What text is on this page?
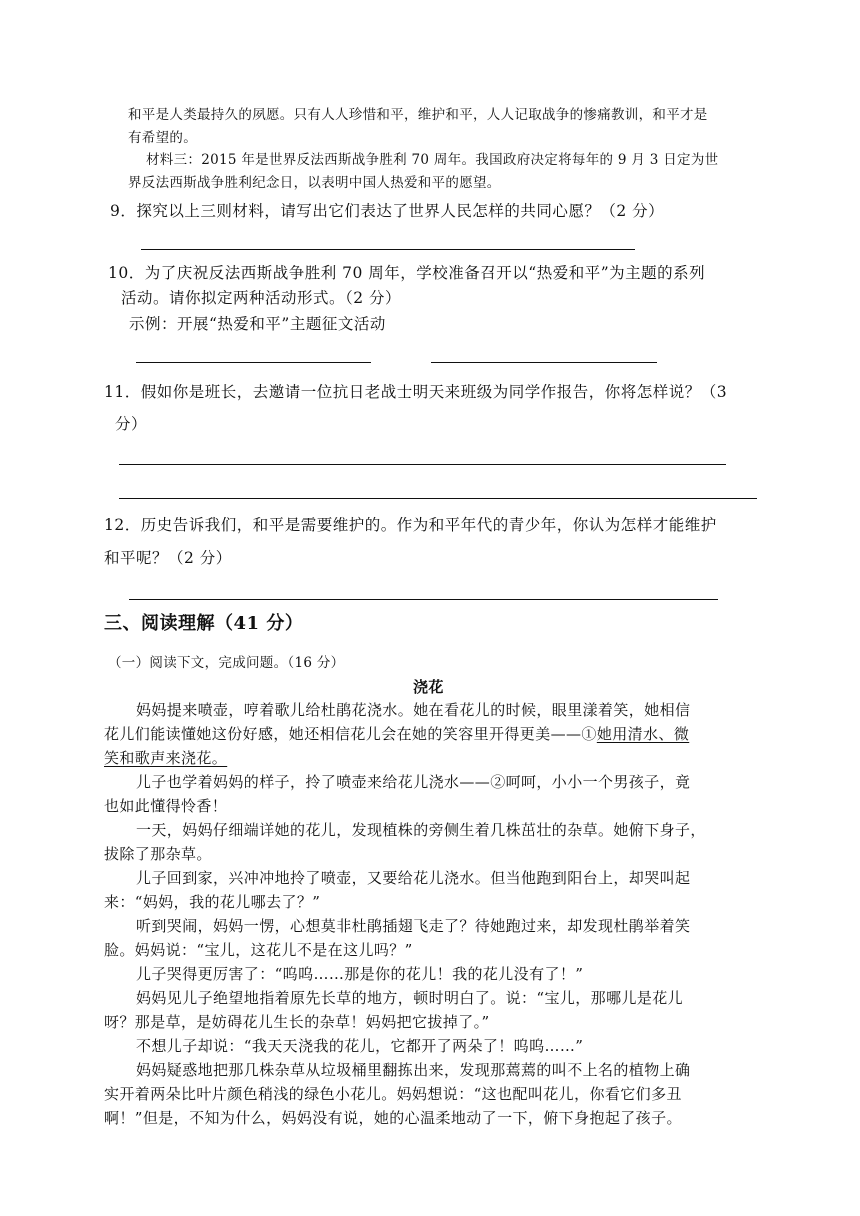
和平是人类最持久的夙愿。只有人人珍惜和平，维护和平，人人记取战争的惨痛教训，和平才是
有希望的。
材料三：2015 年是世界反法西斯战争胜利 70 周年。我国政府决定将每年的 9 月 3 日定为世
界反法西斯战争胜利纪念日，以表明中国人热爱和平的愿望。
9．探究以上三则材料，请写出它们表达了世界人民怎样的共同心愿？（2 分）
10．为了庆祝反法西斯战争胜利 70 周年，学校准备召开以“热爱和平”为主题的系列
活动。请你拟定两种活动形式。（2 分）
示例：开展“热爱和平”主题征文活动
11．假如你是班长，去邀请一位抗日老战士明天来班级为同学作报告，你将怎样说？（3
分）
12．历史告诉我们，和平是需要维护的。作为和平年代的青少年，你认为怎样才能维护
和平呢？（2 分）
三、阅读理解（41 分）
（一）阅读下文，完成问题。（16 分）
浇花
妈妈提来喷壶，哼着歌儿给杜鹃花浇水。她在看花儿的时候，眼里漾着笑，她相信
花儿们能读懂她这份好感，她还相信花儿会在她的笑容里开得更美——①她用清水、微
笑和歌声来浇花。
儿子也学着妈妈的样子，拎了喷壶来给花儿浇水——②呵呵，小小一个男孩子，竟
也如此懂得怜香！
一天，妈妈仔细端详她的花儿，发现植株的旁侧生着几株茁壮的杂草。她俯下身子，
拔除了那杂草。
儿子回到家，兴冲冲地拎了喷壶，又要给花儿浇水。但当他跑到阳台上，却哭叫起
来：“妈妈，我的花儿哪去了？”
听到哭闹，妈妈一愣，心想莫非杜鹃插翅飞走了？待她跑过来，却发现杜鹃举着笑
脸。妈妈说：“宝儿，这花儿不是在这儿吗？”
儿子哭得更厉害了：“呜呜……那是你的花儿！我的花儿没有了！”
妈妈见儿子绝望地指着原先长草的地方，顿时明白了。说：“宝儿，那哪儿是花儿
呀？那是草，是妨碍花儿生长的杂草！妈妈把它拔掉了。”
不想儿子却说：“我天天浇我的花儿，它都开了两朵了！呜呜……”
妈妈疑惑地把那几株杂草从垃圾桶里翻拣出来，发现那蔫蔫的叫不上名的植物上确
实开着两朵比叶片颜色稍浅的绿色小花儿。妈妈想说：“这也配叫花儿，你看它们多丑
啊！”但是，不知为什么，妈妈没有说，她的心温柔地动了一下，俯下身抱起了孩子。
